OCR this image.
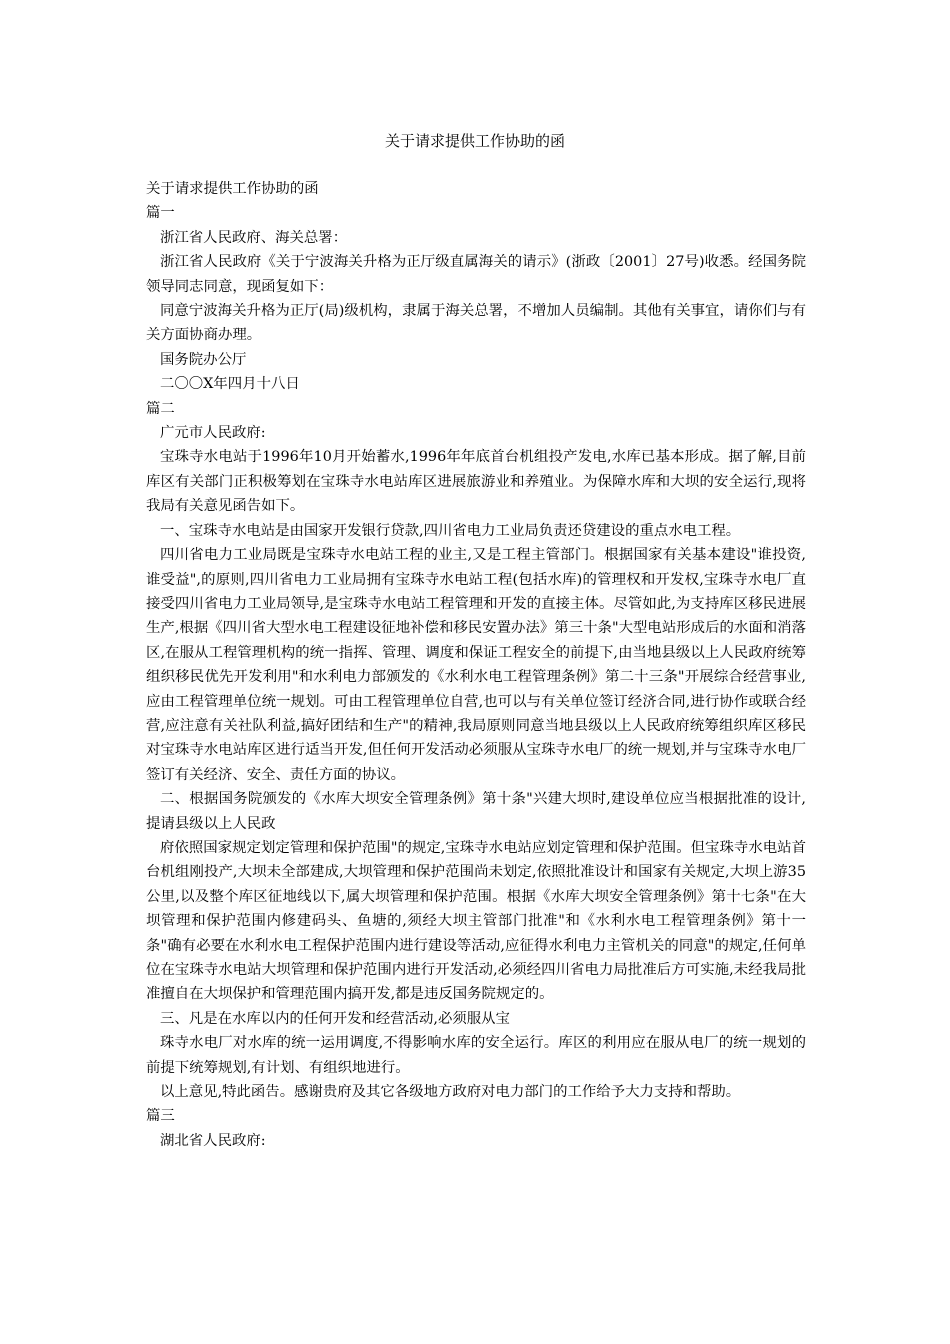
关于请求提供工作协助的函

关于请求提供工作协助的函

篇一

浙江省人民政府、海关总署：

浙江省人民政府《关于宁波海关升格为正厅级直属海关的请示》(浙政〔2001〕27号)收悉。经国务院领导同志同意，现函复如下：

同意宁波海关升格为正厅(局)级机构，隶属于海关总署，不增加人员编制。其他有关事宜，请你们与有关方面协商办理。

国务院办公厅

二〇〇X年四月十八日

篇二

广元市人民政府:

宝珠寺水电站于1996年10月开始蓄水,1996年年底首台机组投产发电,水库已基本形成。据了解,目前库区有关部门正积极筹划在宝珠寺水电站库区进展旅游业和养殖业。为保障水库和大坝的安全运行,现将我局有关意见函告如下。

一、宝珠寺水电站是由国家开发银行贷款,四川省电力工业局负责还贷建设的重点水电工程。

四川省电力工业局既是宝珠寺水电站工程的业主,又是工程主管部门。根据国家有关基本建设"谁投资,谁受益",的原则,四川省电力工业局拥有宝珠寺水电站工程(包括水库)的管理权和开发权,宝珠寺水电厂直接受四川省电力工业局领导,是宝珠寺水电站工程管理和开发的直接主体。尽管如此,为支持库区移民进展生产,根据《四川省大型水电工程建设征地补偿和移民安置办法》第三十条"大型电站形成后的水面和消落区,在服从工程管理机构的统一指挥、管理、调度和保证工程安全的前提下,由当地县级以上人民政府统筹组织移民优先开发利用"和水利电力部颁发的《水利水电工程管理条例》第二十三条"开展综合经营事业,应由工程管理单位统一规划。可由工程管理单位自营,也可以与有关单位签订经济合同,进行协作或联合经营,应注意有关社队利益,搞好团结和生产"的精神,我局原则同意当地县级以上人民政府统筹组织库区移民对宝珠寺水电站库区进行适当开发,但任何开发活动必须服从宝珠寺水电厂的统一规划,并与宝珠寺水电厂签订有关经济、安全、责任方面的协议。

二、根据国务院颁发的《水库大坝安全管理条例》第十条"兴建大坝时,建设单位应当根据批准的设计,提请县级以上人民政

府依照国家规定划定管理和保护范围"的规定,宝珠寺水电站应划定管理和保护范围。但宝珠寺水电站首台机组刚投产,大坝未全部建成,大坝管理和保护范围尚未划定,依照批准设计和国家有关规定,大坝上游35公里,以及整个库区征地线以下,属大坝管理和保护范围。根据《水库大坝安全管理条例》第十七条"在大坝管理和保护范围内修建码头、鱼塘的,须经大坝主管部门批准"和《水利水电工程管理条例》第十一条"确有必要在水利水电工程保护范围内进行建设等活动,应征得水利电力主管机关的同意"的规定,任何单位在宝珠寺水电站大坝管理和保护范围内进行开发活动,必须经四川省电力局批准后方可实施,未经我局批准擅自在大坝保护和管理范围内搞开发,都是违反国务院规定的。

三、凡是在水库以内的任何开发和经营活动,必须服从宝

珠寺水电厂对水库的统一运用调度,不得影响水库的安全运行。库区的利用应在服从电厂的统一规划的前提下统筹规划,有计划、有组织地进行。

以上意见,特此函告。感谢贵府及其它各级地方政府对电力部门的工作给予大力支持和帮助。

篇三

湖北省人民政府:
